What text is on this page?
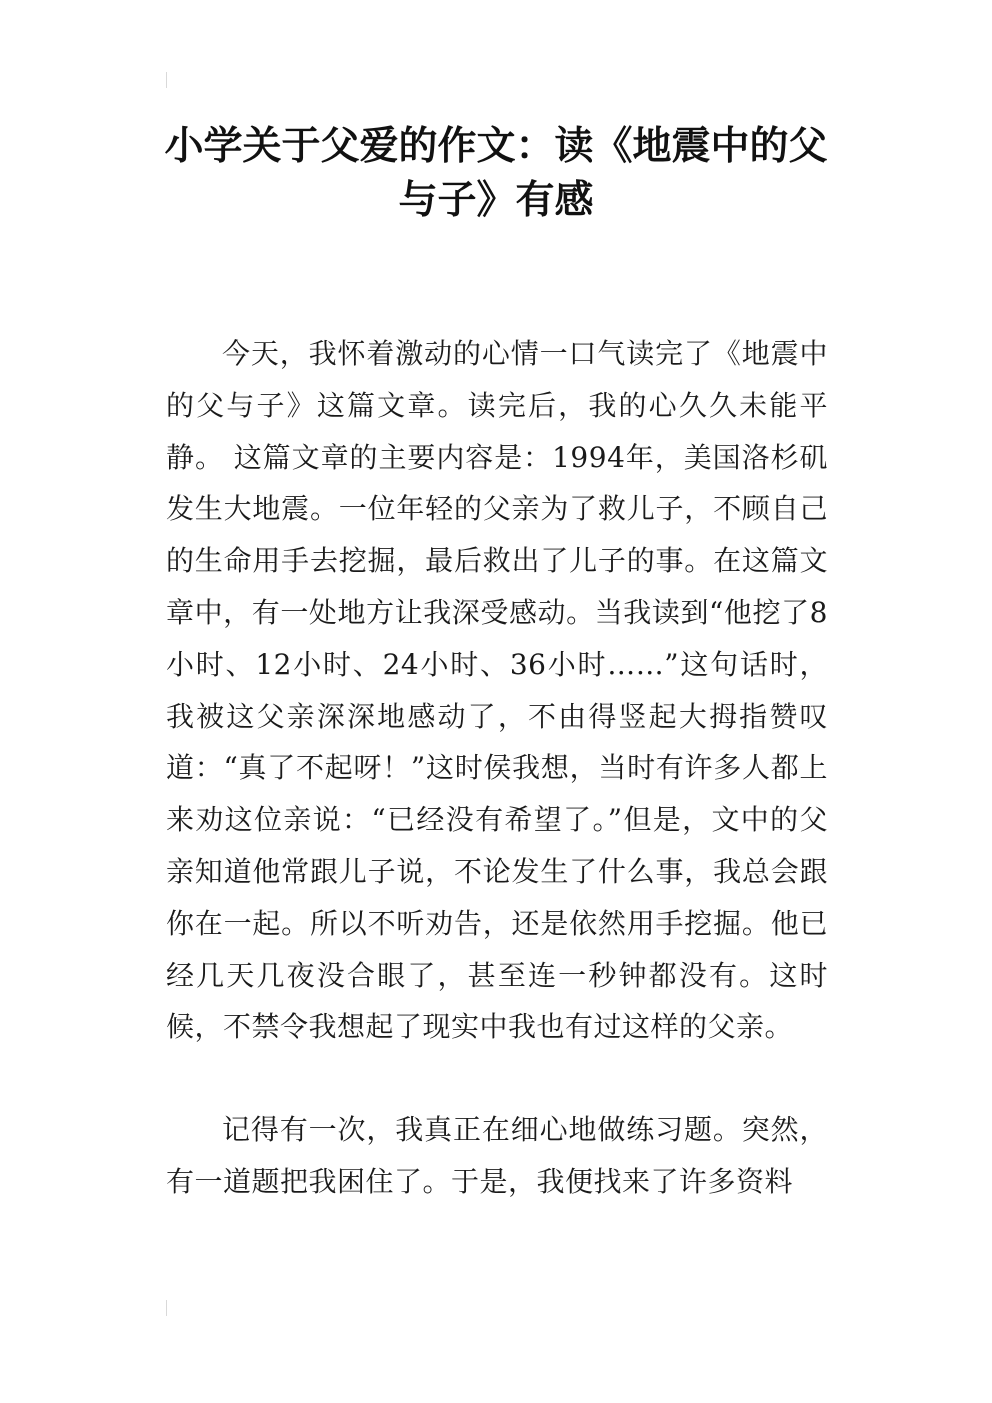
小学关于父爱的作文：读《地震中的父与子》有感

今天，我怀着激动的心情一口气读完了《地震中的父与子》这篇文章。读完后，我的心久久未能平静。 这篇文章的主要内容是：1994年，美国洛杉矶发生大地震。一位年轻的父亲为了救儿子，不顾自己的生命用手去挖掘，最后救出了儿子的事。在这篇文章中，有一处地方让我深受感动。当我读到“他挖了8小时、12小时、24小时、36小时……”这句话时，我被这父亲深深地感动了，不由得竖起大拇指赞叹道：“真了不起呀！”这时侯我想，当时有许多人都上来劝这位亲说：“已经没有希望了。”但是，文中的父亲知道他常跟儿子说，不论发生了什么事，我总会跟你在一起。所以不听劝告，还是依然用手挖掘。他已经几天几夜没合眼了，甚至连一秒钟都没有。这时候，不禁令我想起了现实中我也有过这样的父亲。

记得有一次，我真正在细心地做练习题。突然，有一道题把我困住了。于是，我便找来了许多资料
